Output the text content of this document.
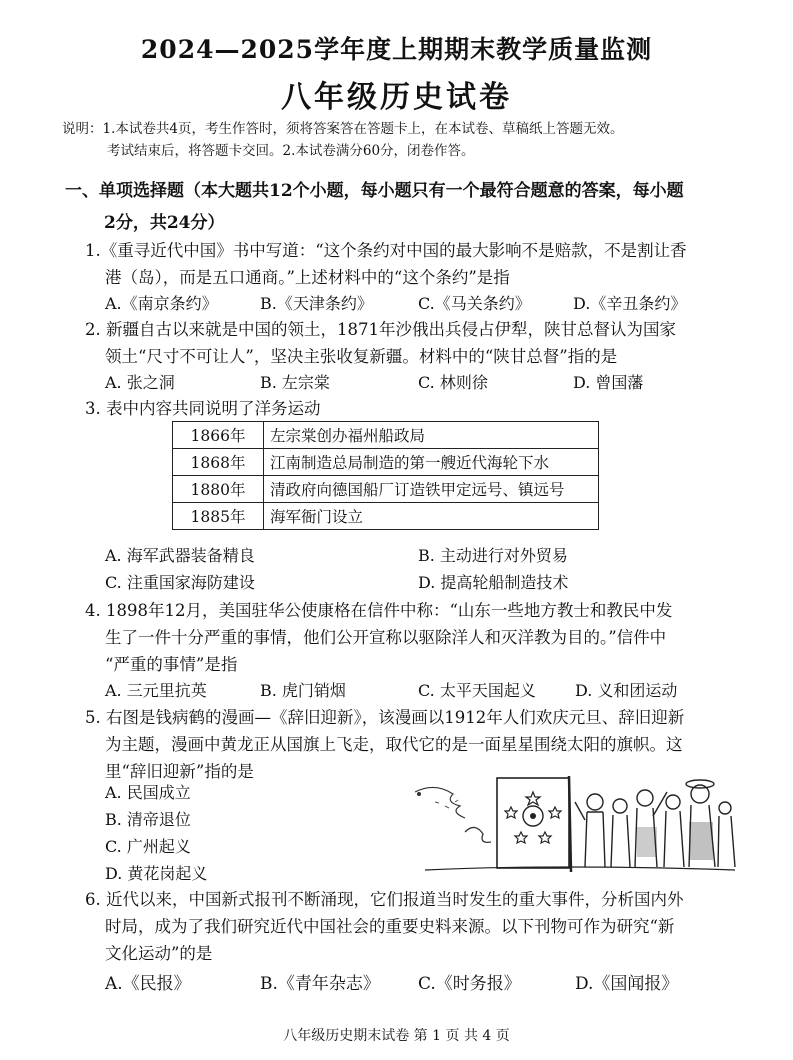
2024—2025学年度上期期末教学质量监测
八年级历史试卷
说明：1.本试卷共4页，考生作答时，须将答案答在答题卡上，在本试卷、草稿纸上答题无效。
考试结束后，将答题卡交回。2.本试卷满分60分，闭卷作答。
一、单项选择题（本大题共12个小题，每小题只有一个最符合题意的答案，每小题
2分，共24分）
1.《重寻近代中国》书中写道：“这个条约对中国的最大影响不是赔款，不是割让香
港（岛），而是五口通商。”上述材料中的“这个条约”是指
A.《南京条约》	B.《天津条约》	C.《马关条约》	D.《辛丑条约》
2. 新疆自古以来就是中国的领土，1871年沙俄出兵侵占伊犁，陕甘总督认为国家
领土“尺寸不可让人”，坚决主张收复新疆。材料中的“陕甘总督”指的是
A. 张之洞	B. 左宗棠	C. 林则徐	D. 曾国藩
3. 表中内容共同说明了洋务运动
1866年	左宗棠创办福州船政局
1868年	江南制造总局制造的第一艘近代海轮下水
1880年	清政府向德国船厂订造铁甲定远号、镇远号
1885年	海军衙门设立
A. 海军武器装备精良	B. 主动进行对外贸易
C. 注重国家海防建设	D. 提高轮船制造技术
4. 1898年12月，美国驻华公使康格在信件中称：“山东一些地方教士和教民中发
生了一件十分严重的事情，他们公开宣称以驱除洋人和灭洋教为目的。”信件中
“严重的事情”是指
A. 三元里抗英	B. 虎门销烟	C. 太平天国起义 D. 义和团运动
5. 右图是钱病鹤的漫画—《辞旧迎新》，该漫画以1912年人们欢庆元旦、辞旧迎新
为主题，漫画中黄龙正从国旗上飞走，取代它的是一面星星围绕太阳的旗帜。这
里“辞旧迎新”指的是
A. 民国成立
B. 清帝退位
C. 广州起义
D. 黄花岗起义
6. 近代以来，中国新式报刊不断涌现，它们报道当时发生的重大事件，分析国内外
时局，成为了我们研究近代中国社会的重要史料来源。以下刊物可作为研究“新
文化运动”的是
A.《民报》	B.《青年杂志》 C.《时务报》	D.《国闻报》
八年级历史期末试卷 第 1 页 共 4 页
